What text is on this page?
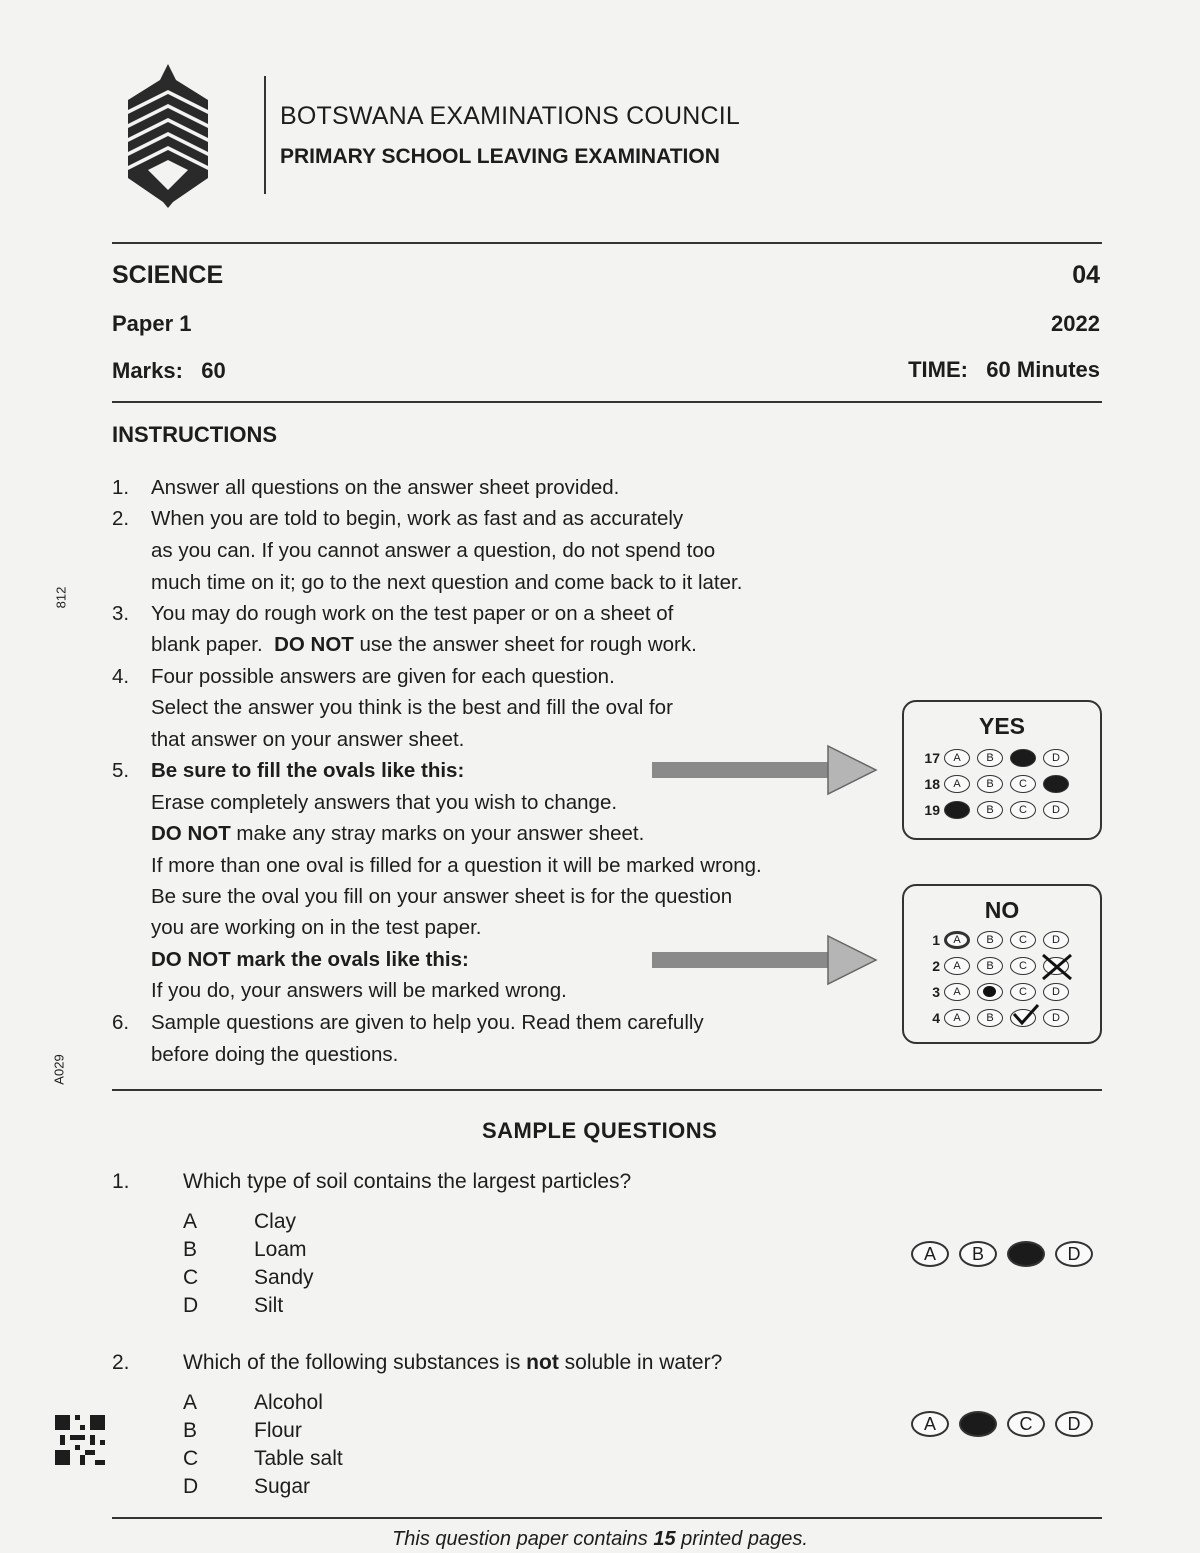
BOTSWANA EXAMINATIONS COUNCIL
PRIMARY SCHOOL LEAVING EXAMINATION
SCIENCE	04
Paper 1	2022
Marks: 60	TIME: 60 Minutes
812
A029
INSTRUCTIONS
1.	Answer all questions on the answer sheet provided.
2.	When you are told to begin, work as fast and as accurately
as you can. If you cannot answer a question, do not spend too
much time on it; go to the next question and come back to it later.
3.	You may do rough work on the test paper or on a sheet of
blank paper. DO NOT use the answer sheet for rough work.
4.	Four possible answers are given for each question.
Select the answer you think is the best and fill the oval for
that answer on your answer sheet.
5.	Be sure to fill the ovals like this:
Erase completely answers that you wish to change.
DO NOT make any stray marks on your answer sheet.
If more than one oval is filled for a question it will be marked wrong.
Be sure the oval you fill on your answer sheet is for the question
you are working on in the test paper.
DO NOT mark the ovals like this:
If you do, your answers will be marked wrong.
6.	Sample questions are given to help you. Read them carefully
before doing the questions.
YES
17	A	B	D
18	A	B	C
19	B	C	D
NO
1	A	B	C	D
2	A	B	C
3	A	C	D
4	A	B	D
SAMPLE QUESTIONS
1.	Which type of soil contains the largest particles?
A	Clay
B	Loam
C	Sandy
D	Silt
A	B	D
2.	Which of the following substances is not soluble in water?
A	Alcohol
B	Flour
C	Table salt
D	Sugar
A	C	D
This question paper contains 15 printed pages.
